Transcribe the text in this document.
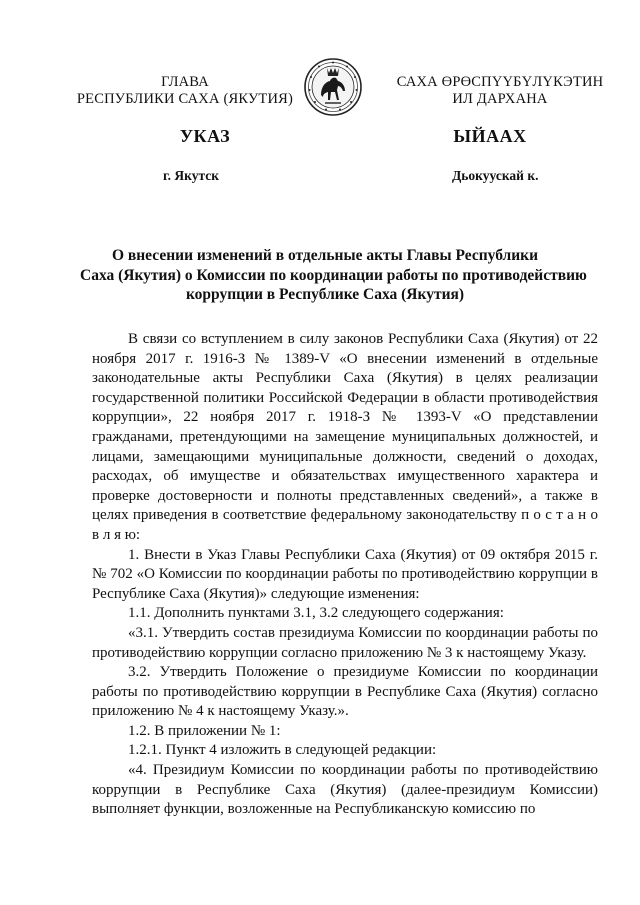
ГЛАВА
РЕСПУБЛИКИ САХА (ЯКУТИЯ)
САХА ӨРӨСПҮҮБҮЛҮКЭТИН
ИЛ ДАРХАНА
УКАЗ	ЫЙААХ
г. Якутск	Дьокуускай к.
О внесении изменений в отдельные акты Главы Республики
Саха (Якутия) о Комиссии по координации работы по противодействию
коррупции в Республике Саха (Якутия)

В связи со вступлением в силу законов Республики Саха (Якутия) от 22 ноября 2017 г. 1916-З № 1389-V «О внесении изменений в отдельные законодательные акты Республики Саха (Якутия) в целях реализации государственной политики Российской Федерации в области противодействия коррупции», 22 ноября 2017 г. 1918-З № 1393-V «О представлении гражданами, претендующими на замещение муниципальных должностей, и лицами, замещающими муниципальные должности, сведений о доходах, расходах, об имуществе и обязательствах имущественного характера и проверке достоверности и полноты представленных сведений», а также в целях приведения в соответствие федеральному законодательству п о с т а н о в л я ю:

1. Внести в Указ Главы Республики Саха (Якутия) от 09 октября 2015 г. № 702 «О Комиссии по координации работы по противодействию коррупции в Республике Саха (Якутия)» следующие изменения:

1.1. Дополнить пунктами 3.1, 3.2 следующего содержания:

«3.1. Утвердить состав президиума Комиссии по координации работы по противодействию коррупции согласно приложению № 3 к настоящему Указу.

3.2. Утвердить Положение о президиуме Комиссии по координации работы по противодействию коррупции в Республике Саха (Якутия) согласно приложению № 4 к настоящему Указу.».

1.2. В приложении № 1:

1.2.1. Пункт 4 изложить в следующей редакции:

«4. Президиум Комиссии по координации работы по противодействию коррупции в Республике Саха (Якутия) (далее-президиум Комиссии) выполняет функции, возложенные на Республиканскую комиссию по
